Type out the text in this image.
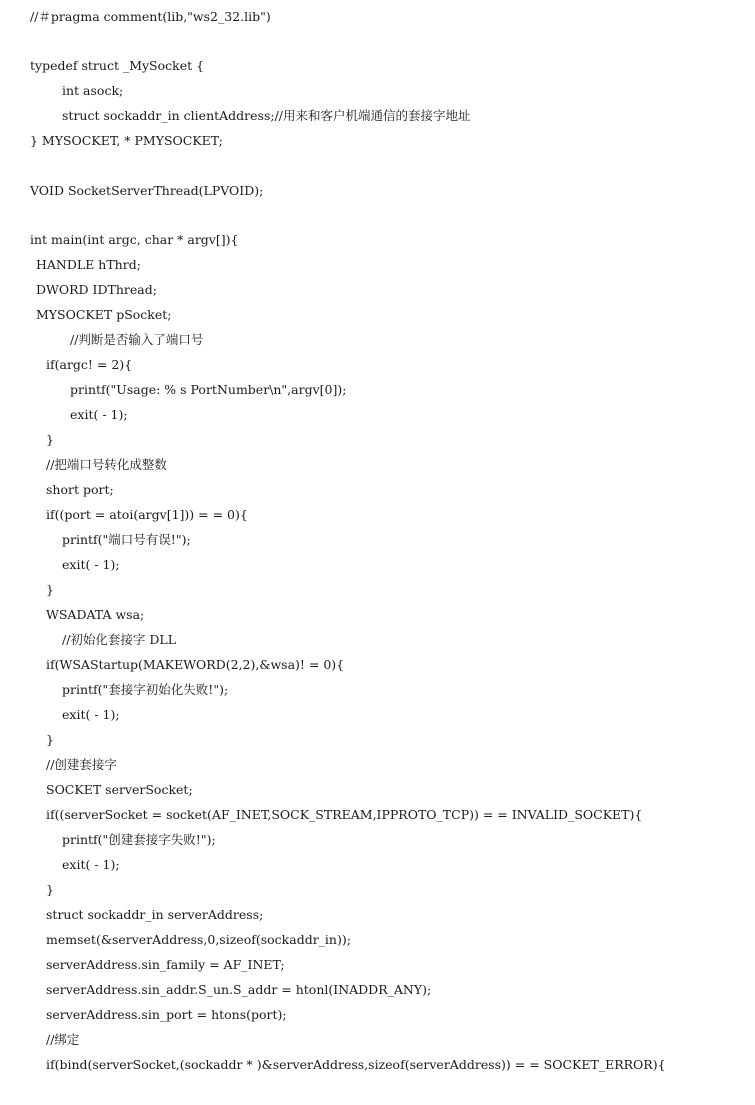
//＃pragma comment(lib,"ws2_32.lib")
typedef struct _MySocket {
int asock;
struct sockaddr_in clientAddress;//用来和客户机端通信的套接字地址
} MYSOCKET, * PMYSOCKET;
VOID SocketServerThread(LPVOID);
int main(int argc, char * argv[]){
HANDLE hThrd;
DWORD IDThread;
MYSOCKET pSocket;
//判断是否输入了端口号
if(argc! = 2){
printf("Usage: % s PortNumber\n",argv[0]);
exit( - 1);
}
//把端口号转化成整数
short port;
if((port = atoi(argv[1])) = = 0){
printf("端口号有误!");
exit( - 1);
}
WSADATA wsa;
//初始化套接字 DLL
if(WSAStartup(MAKEWORD(2,2),&wsa)! = 0){
printf("套接字初始化失败!");
exit( - 1);
}
//创建套接字
SOCKET serverSocket;
if((serverSocket = socket(AF_INET,SOCK_STREAM,IPPROTO_TCP)) = = INVALID_SOCKET){
printf("创建套接字失败!");
exit( - 1);
}
struct sockaddr_in serverAddress;
memset(&serverAddress,0,sizeof(sockaddr_in));
serverAddress.sin_family = AF_INET;
serverAddress.sin_addr.S_un.S_addr = htonl(INADDR_ANY);
serverAddress.sin_port = htons(port);
//绑定
if(bind(serverSocket,(sockaddr * )&serverAddress,sizeof(serverAddress)) = = SOCKET_ERROR){
